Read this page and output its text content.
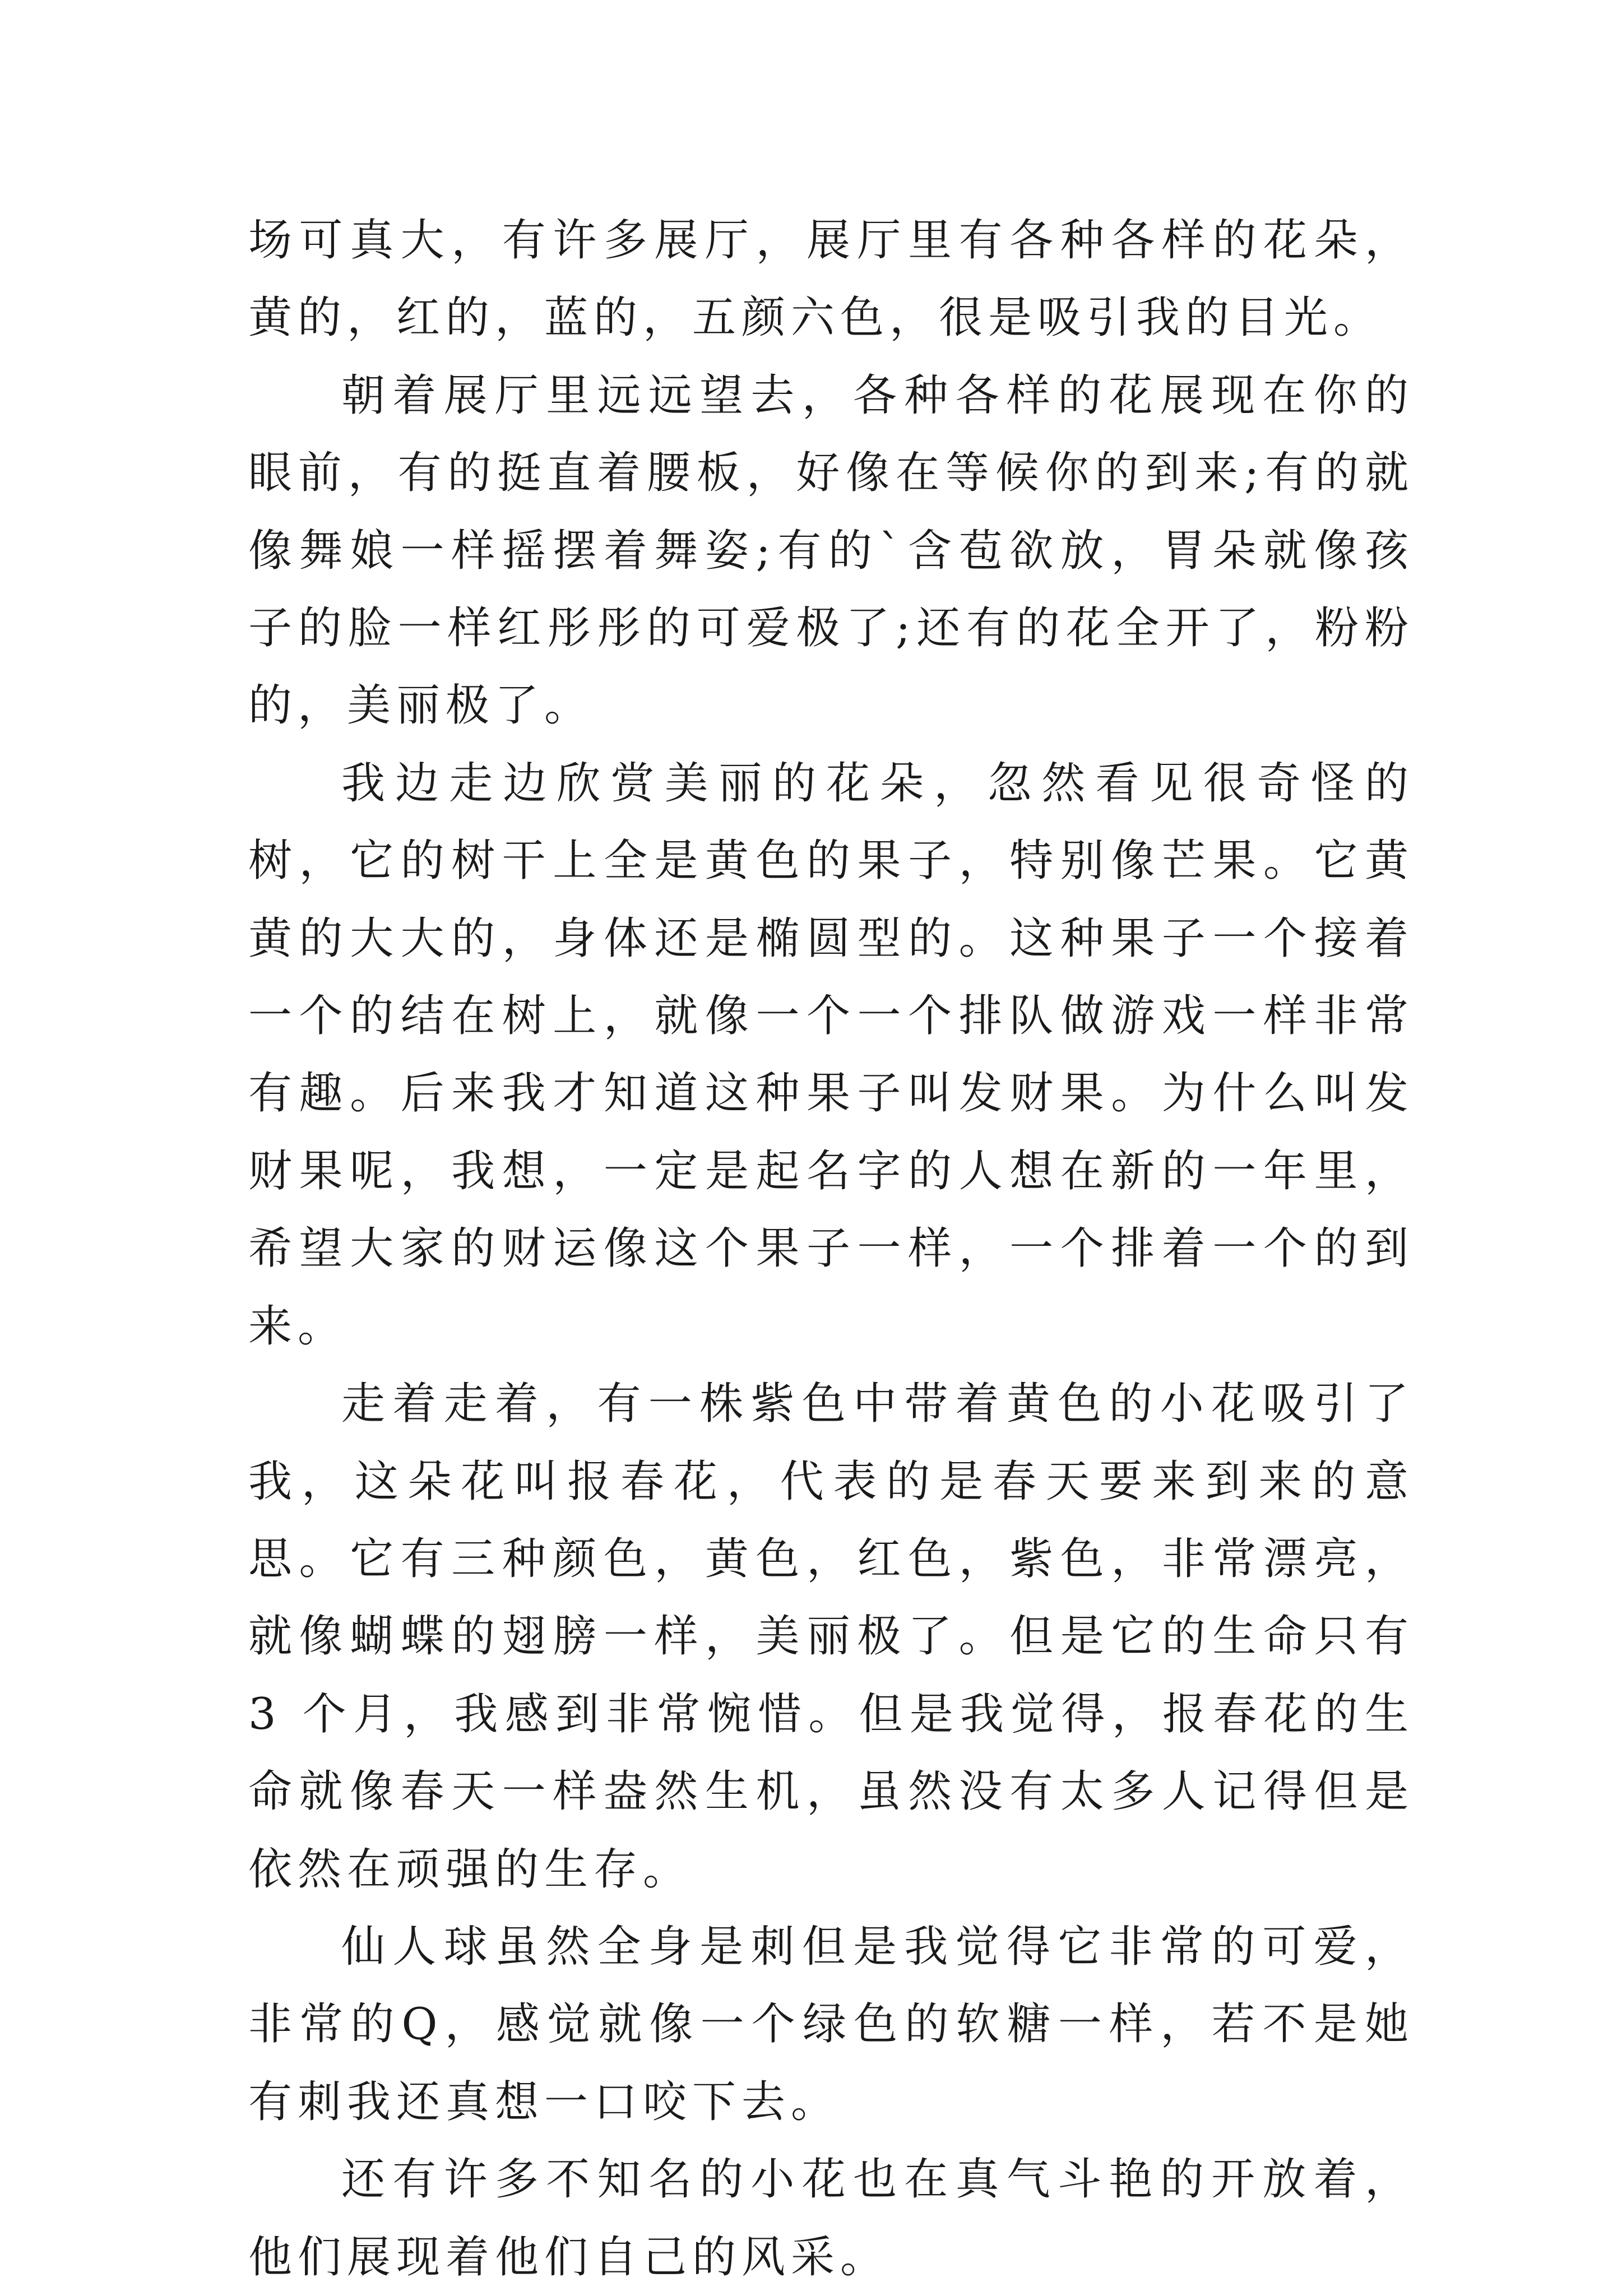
场可真大，有许多展厅，展厅里有各种各样的花朵，黄的，红的，蓝的，五颜六色，很是吸引我的目光。

朝着展厅里远远望去，各种各样的花展现在你的眼前，有的挺直着腰板，好像在等候你的到来;有的就像舞娘一样摇摆着舞姿;有的`含苞欲放，胃朵就像孩子的脸一样红彤彤的可爱极了;还有的花全开了，粉粉的，美丽极了。

我边走边欣赏美丽的花朵，忽然看见很奇怪的树，它的树干上全是黄色的果子，特别像芒果。它黄黄的大大的，身体还是椭圆型的。这种果子一个接着一个的结在树上，就像一个一个排队做游戏一样非常有趣。后来我才知道这种果子叫发财果。为什么叫发财果呢，我想，一定是起名字的人想在新的一年里，希望大家的财运像这个果子一样，一个排着一个的到来。

走着走着，有一株紫色中带着黄色的小花吸引了我，这朵花叫报春花，代表的是春天要来到来的意思。它有三种颜色，黄色，红色，紫色，非常漂亮，就像蝴蝶的翅膀一样，美丽极了。但是它的生命只有 3 个月，我感到非常惋惜。但是我觉得，报春花的生命就像春天一样盎然生机，虽然没有太多人记得但是依然在顽强的生存。

仙人球虽然全身是刺但是我觉得它非常的可爱，非常的Q，感觉就像一个绿色的软糖一样，若不是她有刺我还真想一口咬下去。

还有许多不知名的小花也在真气斗艳的开放着，他们展现着他们自己的风采。
